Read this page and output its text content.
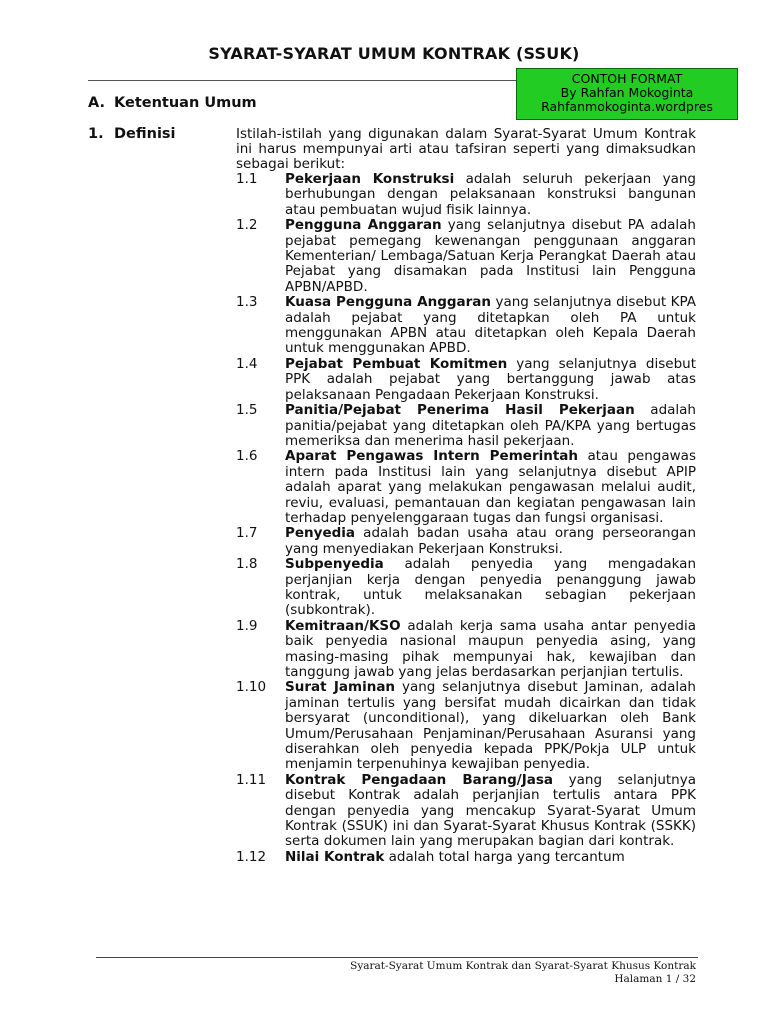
SYARAT-SYARAT UMUM KONTRAK (SSUK)
CONTOH FORMAT
By Rahfan Mokoginta
Rahfanmokoginta.wordpres
A. Ketentuan Umum
1. Definisi	Istilah-istilah yang digunakan dalam Syarat-Syarat Umum Kontrak ini harus mempunyai arti atau tafsiran seperti yang dimaksudkan sebagai berikut:
1.1	Pekerjaan Konstruksi adalah seluruh pekerjaan yang berhubungan dengan pelaksanaan konstruksi bangunan atau pembuatan wujud fisik lainnya.
1.2	Pengguna Anggaran yang selanjutnya disebut PA adalah pejabat pemegang kewenangan penggunaan anggaran Kementerian/ Lembaga/Satuan Kerja Perangkat Daerah atau Pejabat yang disamakan pada Institusi lain Pengguna APBN/APBD.
1.3	Kuasa Pengguna Anggaran yang selanjutnya disebut KPA adalah pejabat yang ditetapkan oleh PA untuk menggunakan APBN atau ditetapkan oleh Kepala Daerah untuk menggunakan APBD.
1.4	Pejabat Pembuat Komitmen yang selanjutnya disebut PPK adalah pejabat yang bertanggung jawab atas pelaksanaan Pengadaan Pekerjaan Konstruksi.
1.5	Panitia/Pejabat Penerima Hasil Pekerjaan adalah panitia/pejabat yang ditetapkan oleh PA/KPA yang bertugas memeriksa dan menerima hasil pekerjaan.
1.6	Aparat Pengawas Intern Pemerintah atau pengawas intern pada Institusi lain yang selanjutnya disebut APIP adalah aparat yang melakukan pengawasan melalui audit, reviu, evaluasi, pemantauan dan kegiatan pengawasan lain terhadap penyelenggaraan tugas dan fungsi organisasi.
1.7	Penyedia adalah badan usaha atau orang perseorangan yang menyediakan Pekerjaan Konstruksi.
1.8	Subpenyedia adalah penyedia yang mengadakan perjanjian kerja dengan penyedia penanggung jawab kontrak, untuk melaksanakan sebagian pekerjaan (subkontrak).
1.9	Kemitraan/KSO adalah kerja sama usaha antar penyedia baik penyedia nasional maupun penyedia asing, yang masing-masing pihak mempunyai hak, kewajiban dan tanggung jawab yang jelas berdasarkan perjanjian tertulis.
1.10	Surat Jaminan yang selanjutnya disebut Jaminan, adalah jaminan tertulis yang bersifat mudah dicairkan dan tidak bersyarat (unconditional), yang dikeluarkan oleh Bank Umum/Perusahaan Penjaminan/Perusahaan Asuransi yang diserahkan oleh penyedia kepada PPK/Pokja ULP untuk menjamin terpenuhinya kewajiban penyedia.
1.11	Kontrak Pengadaan Barang/Jasa yang selanjutnya disebut Kontrak adalah perjanjian tertulis antara PPK dengan penyedia yang mencakup Syarat-Syarat Umum Kontrak (SSUK) ini dan Syarat-Syarat Khusus Kontrak (SSKK) serta dokumen lain yang merupakan bagian dari kontrak.
1.12	Nilai Kontrak adalah total harga yang tercantum
Syarat-Syarat Umum Kontrak dan Syarat-Syarat Khusus Kontrak
Halaman 1 / 32
